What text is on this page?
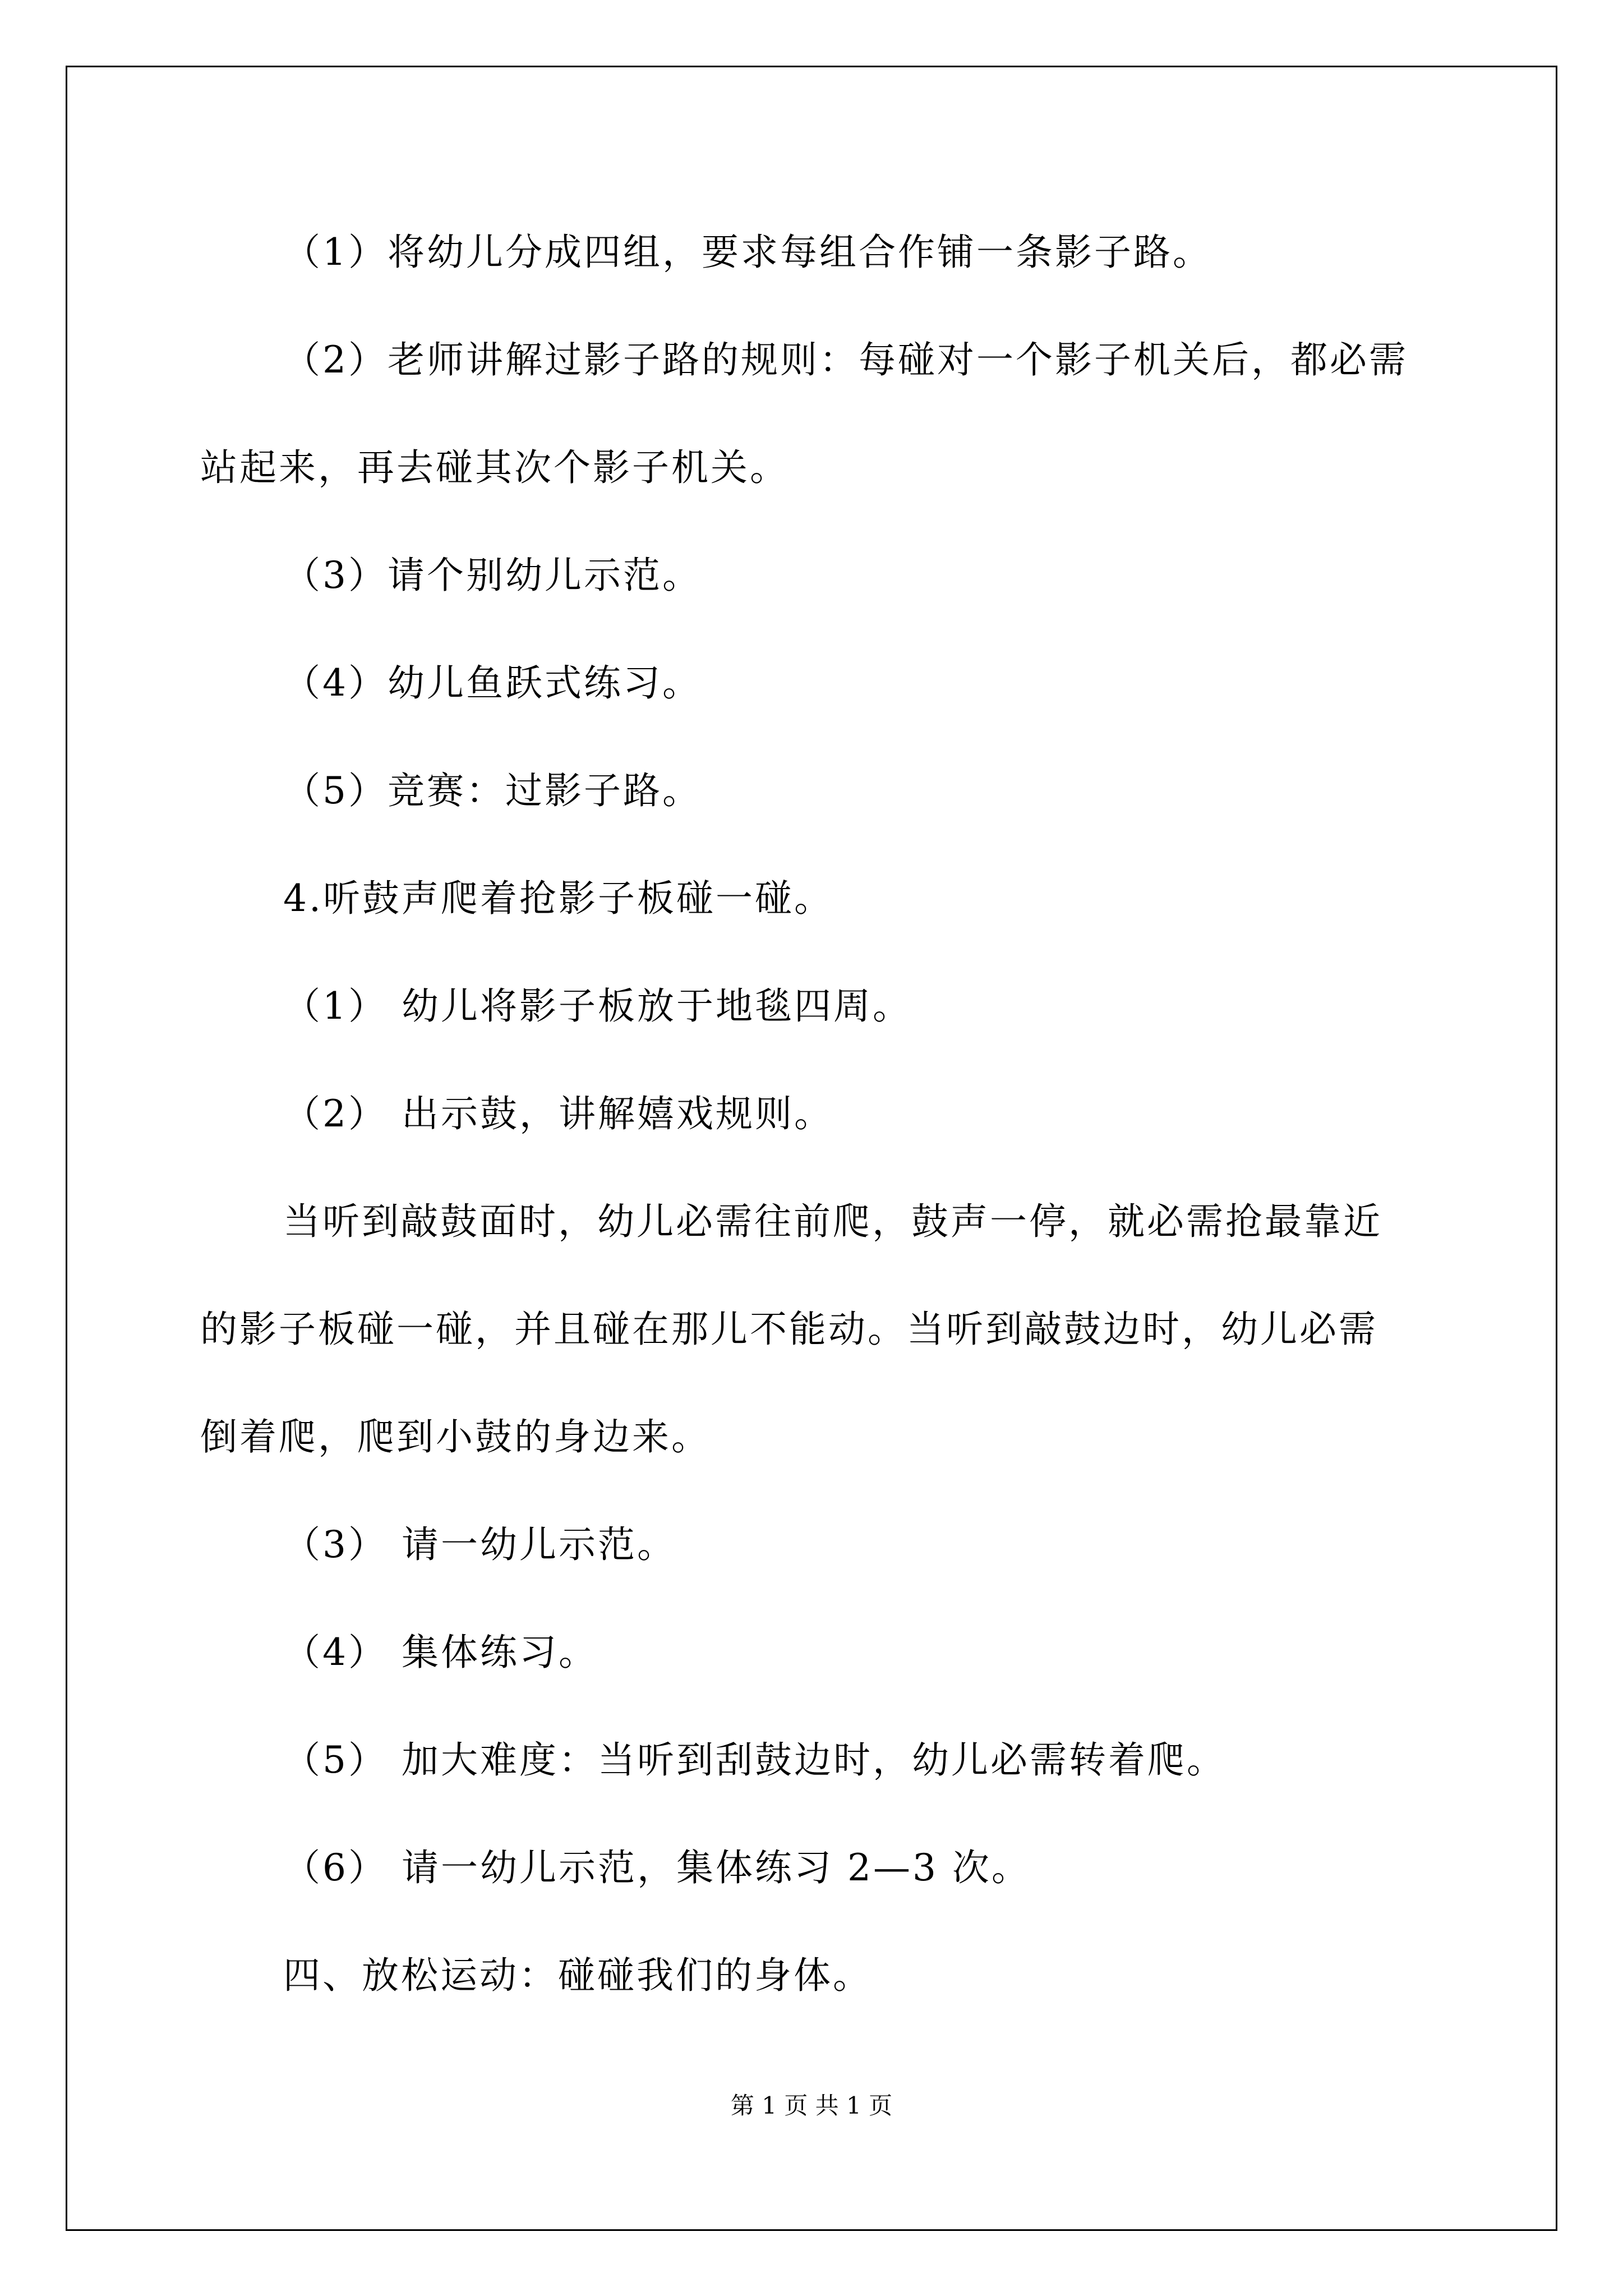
（1）将幼儿分成四组，要求每组合作铺一条影子路。
（2）老师讲解过影子路的规则：每碰对一个影子机关后，都必需
站起来，再去碰其次个影子机关。
（3）请个别幼儿示范。
（4）幼儿鱼跃式练习。
（5）竞赛：过影子路。
4.听鼓声爬着抢影子板碰一碰。
（1） 幼儿将影子板放于地毯四周。
（2） 出示鼓，讲解嬉戏规则。
当听到敲鼓面时，幼儿必需往前爬，鼓声一停，就必需抢最靠近
的影子板碰一碰，并且碰在那儿不能动。当听到敲鼓边时，幼儿必需
倒着爬，爬到小鼓的身边来。
（3） 请一幼儿示范。
（4） 集体练习。
（5） 加大难度：当听到刮鼓边时，幼儿必需转着爬。
（6） 请一幼儿示范，集体练习 2—3 次。
四、放松运动：碰碰我们的身体。
第 1 页 共 1 页
